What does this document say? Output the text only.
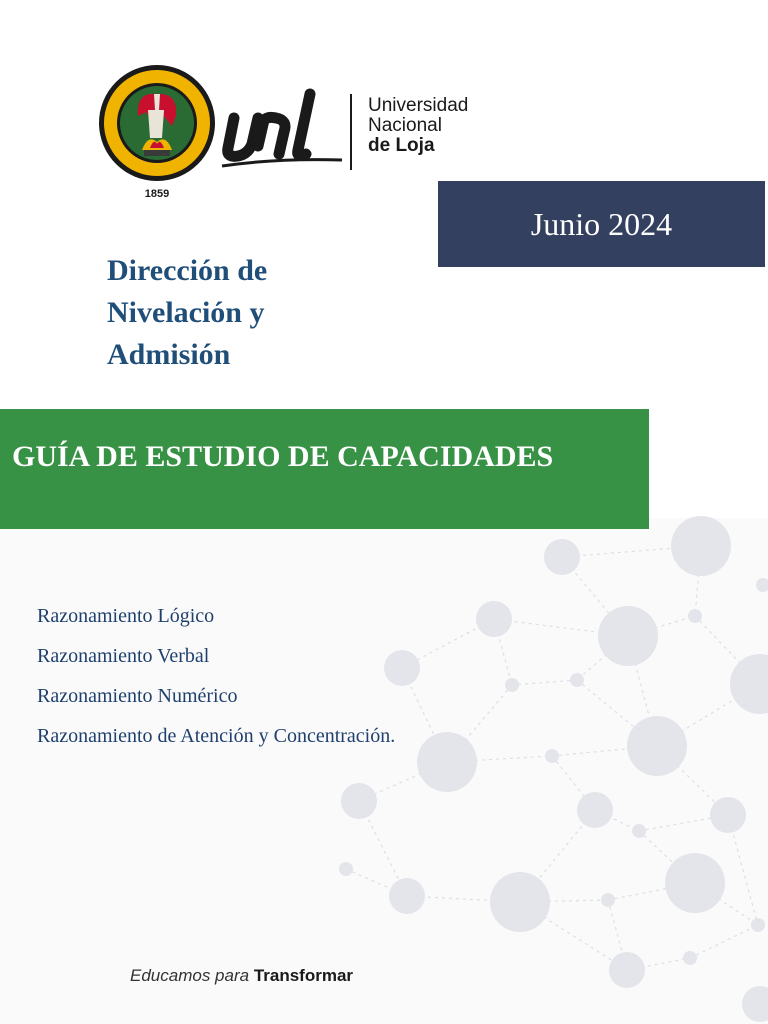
1859
Universidad
Nacional
de Loja
Junio 2024
Dirección de
Nivelación y
Admisión
GUÍA DE ESTUDIO DE CAPACIDADES
Razonamiento Lógico
Razonamiento Verbal
Razonamiento Numérico
Razonamiento de Atención y Concentración.
Educamos para Transformar
